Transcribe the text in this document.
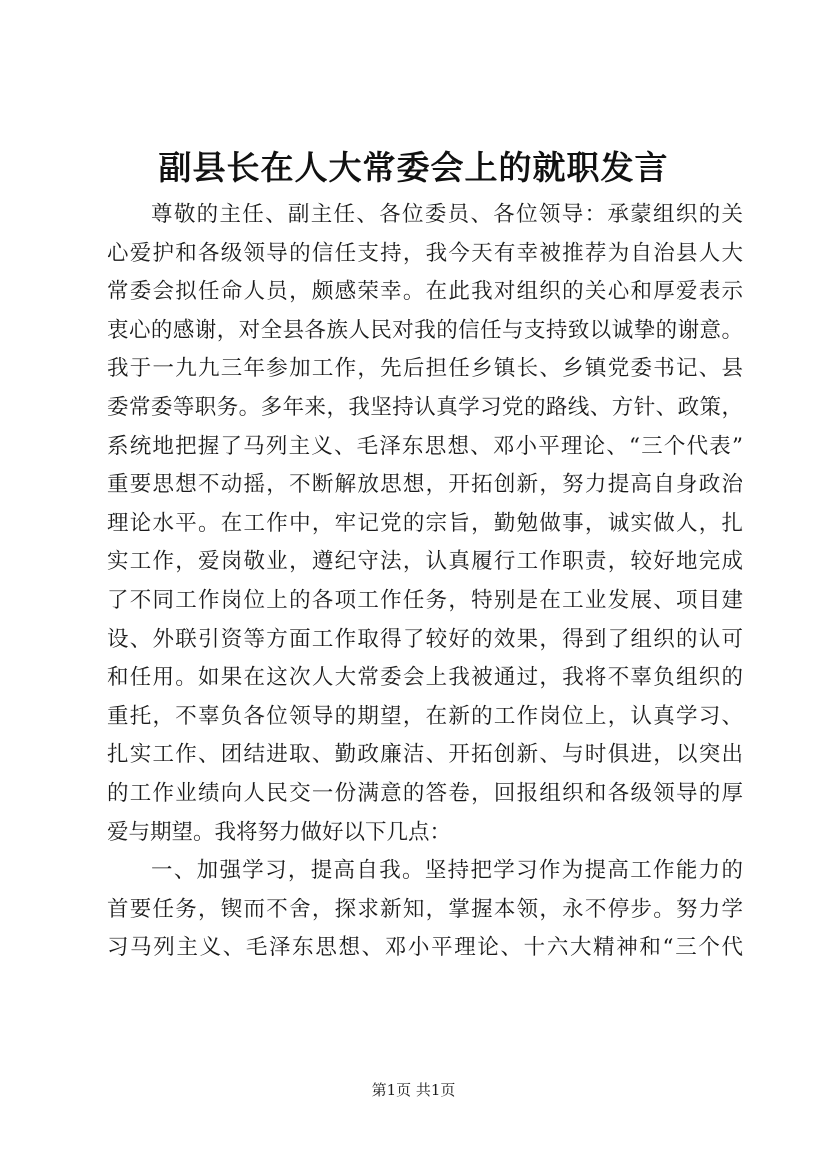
副县长在人大常委会上的就职发言
尊敬的主任、副主任、各位委员、各位领导：承蒙组织的关
心爱护和各级领导的信任支持，我今天有幸被推荐为自治县人大
常委会拟任命人员，颇感荣幸。在此我对组织的关心和厚爱表示
衷心的感谢，对全县各族人民对我的信任与支持致以诚挚的谢意。
我于一九九三年参加工作，先后担任乡镇长、乡镇党委书记、县
委常委等职务。多年来，我坚持认真学习党的路线、方针、政策，
系统地把握了马列主义、毛泽东思想、邓小平理论、“三个代表”
重要思想不动摇，不断解放思想，开拓创新，努力提高自身政治
理论水平。在工作中，牢记党的宗旨，勤勉做事，诚实做人，扎
实工作，爱岗敬业，遵纪守法，认真履行工作职责，较好地完成
了不同工作岗位上的各项工作任务，特别是在工业发展、项目建
设、外联引资等方面工作取得了较好的效果，得到了组织的认可
和任用。如果在这次人大常委会上我被通过，我将不辜负组织的
重托，不辜负各位领导的期望，在新的工作岗位上，认真学习、
扎实工作、团结进取、勤政廉洁、开拓创新、与时俱进，以突出
的工作业绩向人民交一份满意的答卷，回报组织和各级领导的厚
爱与期望。我将努力做好以下几点：
一、加强学习，提高自我。坚持把学习作为提高工作能力的
首要任务，锲而不舍，探求新知，掌握本领，永不停步。努力学
习马列主义、毛泽东思想、邓小平理论、十六大精神和“三个代
第1页 共1页
